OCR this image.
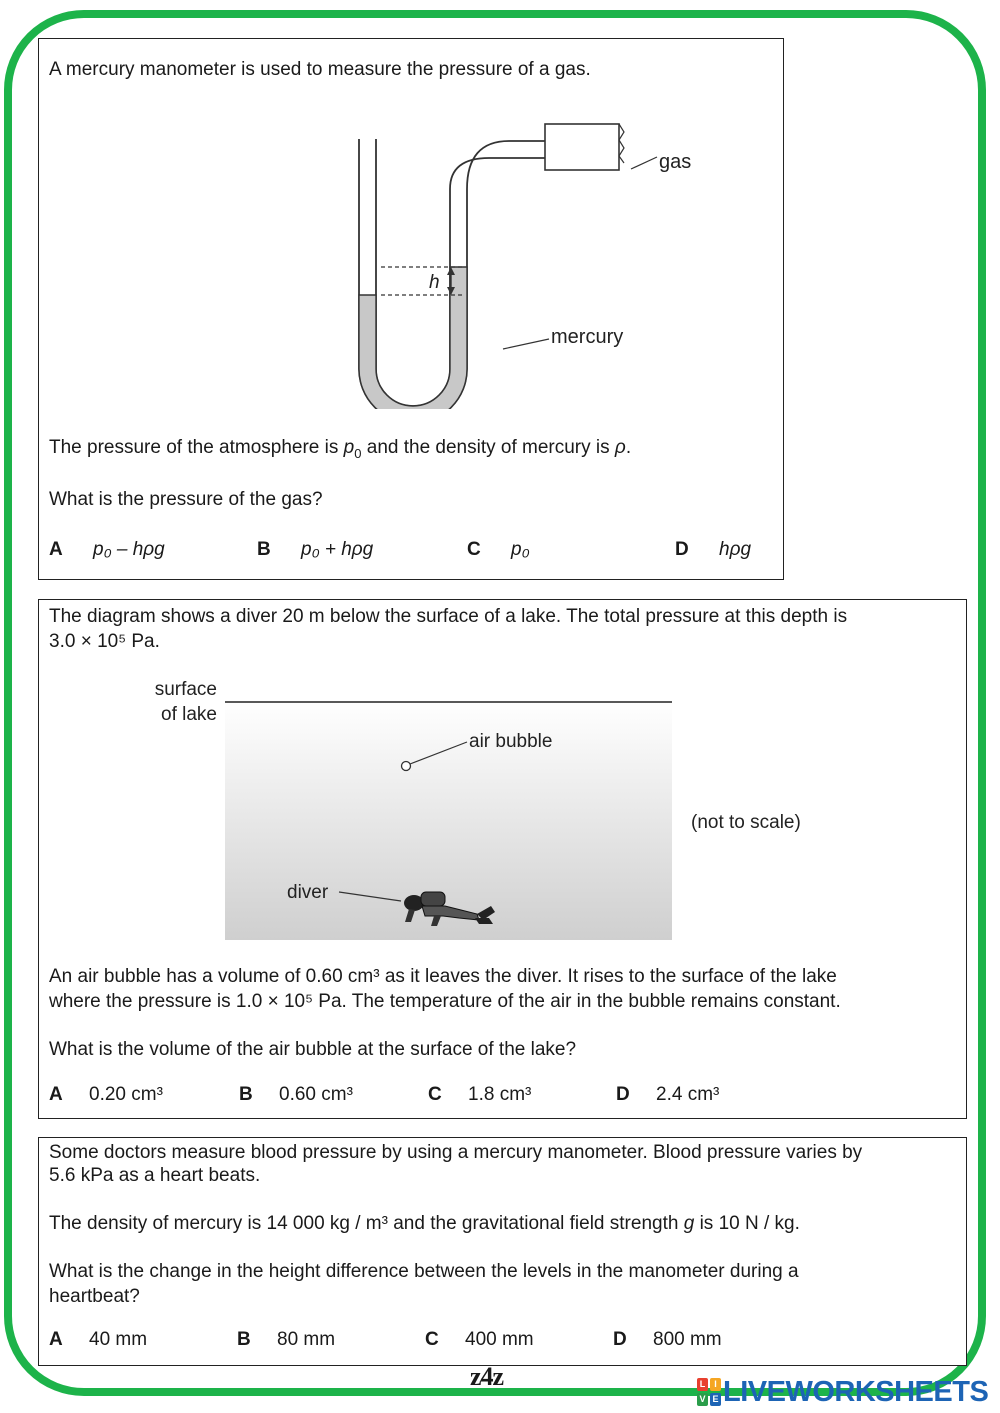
A mercury manometer is used to measure the pressure of a gas.

h
gas
mercury

The pressure of the atmosphere is $p_0$ and the density of mercury is ρ.

What is the pressure of the gas?

A p₀ – hρg	B p₀ + hρg	C p₀	D hρg

The diagram shows a diver 20 m below the surface of a lake. The total pressure at this depth is

3.0 × 10⁵ Pa.

surface
of lake
air bubble
(not to scale)
diver

An air bubble has a volume of 0.60 cm³ as it leaves the diver. It rises to the surface of the lake

where the pressure is 1.0 × 10⁵ Pa. The temperature of the air in the bubble remains constant.

What is the volume of the air bubble at the surface of the lake?

A 0.20 cm³	B 0.60 cm³	C 1.8 cm³	D 2.4 cm³

Some doctors measure blood pressure by using a mercury manometer. Blood pressure varies by

5.6 kPa as a heart beats.

The density of mercury is 14 000 kg / m³ and the gravitational field strength g is 10 N / kg.

What is the change in the height difference between the levels in the manometer during a

heartbeat?

A 40 mm	B 80 mm	C 400 mm	D 800 mm
z4z	L I
V E LIVEWORKSHEETS
